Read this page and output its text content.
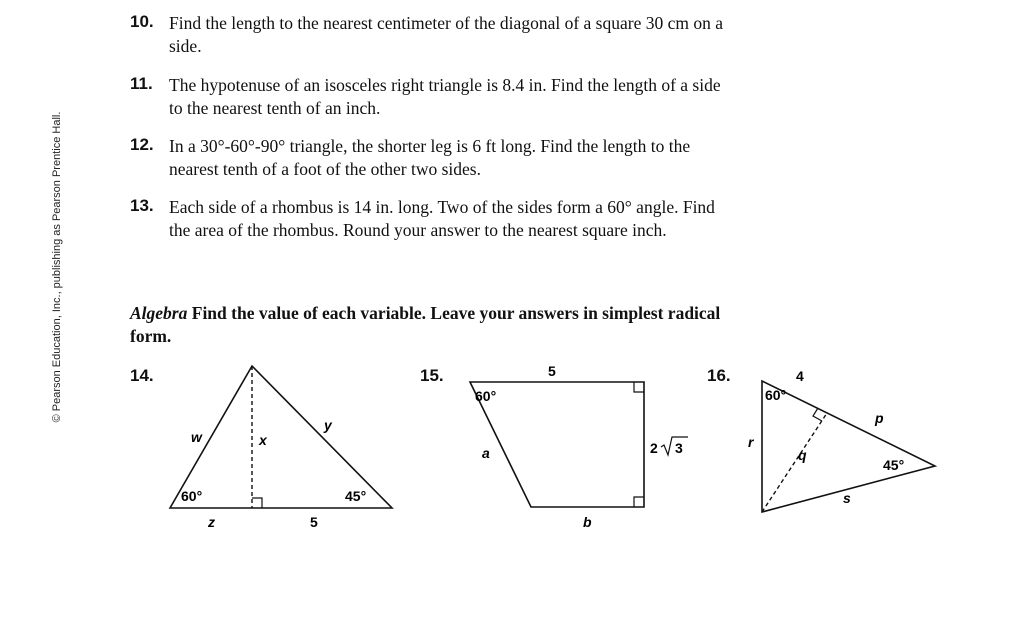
© Pearson Education, Inc., publishing as Pearson Prentice Hall.
10. Find the length to the nearest centimeter of the diagonal of a square 30 cm on a side.
11. The hypotenuse of an isosceles right triangle is 8.4 in. Find the length of a side to the nearest tenth of an inch.
12. In a 30°-60°-90° triangle, the shorter leg is 6 ft long. Find the length to the nearest tenth of a foot of the other two sides.
13. Each side of a rhombus is 14 in. long. Two of the sides form a 60° angle. Find the area of the rhombus. Round your answer to the nearest square inch.
Algebra Find the value of each variable. Leave your answers in simplest radical form.
14.	15.	16.
60°	45°
w
y
x
z	5
5
60°
a
b
2 3
60°
45°
4
p
q
r
s
